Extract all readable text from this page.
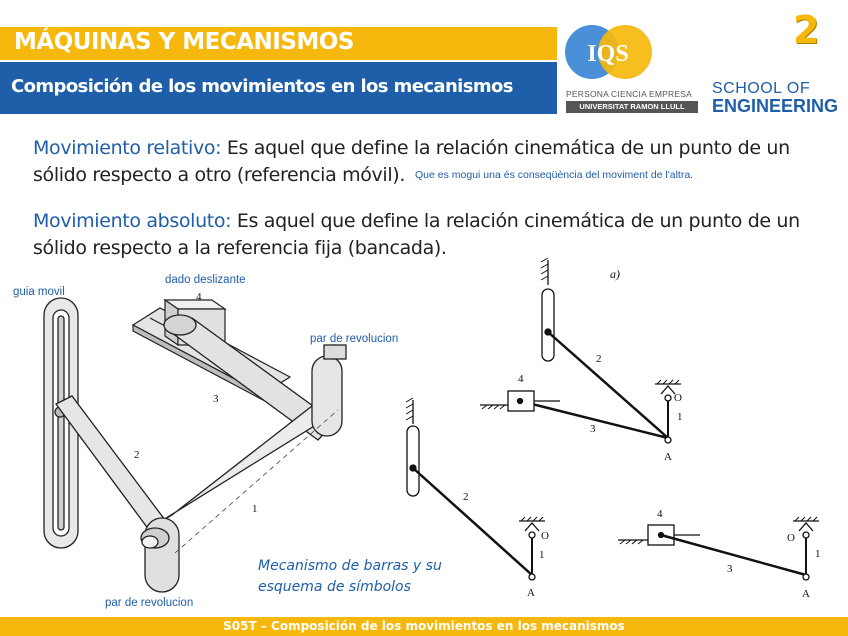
MÁQUINAS Y MECANISMOS
Composición de los movimientos en los mecanismos
2
IQS
PERSONA CIENCIA EMPRESA
UNIVERSITAT RAMON LLULL
SCHOOL OF
ENGINEERING
Movimiento relativo: Es aquel que define la relación cinemática de un punto de un sólido respecto a otro (referencia móvil). Que es mogui una és conseqüència del moviment de l'altra.
Movimiento absoluto: Es aquel que define la relación cinemática de un punto de un sólido respecto a la referencia fija (bancada).
4
3
2
1
guia movil
dado deslizante
par de revolucion
par de revolucion
Mecanismo de barras y su esquema de símbolos
a)
4
2
3
1
O
A
2
1
O
A
4
3
1
O
A
S05T – Composición de los movimientos en los mecanismos
